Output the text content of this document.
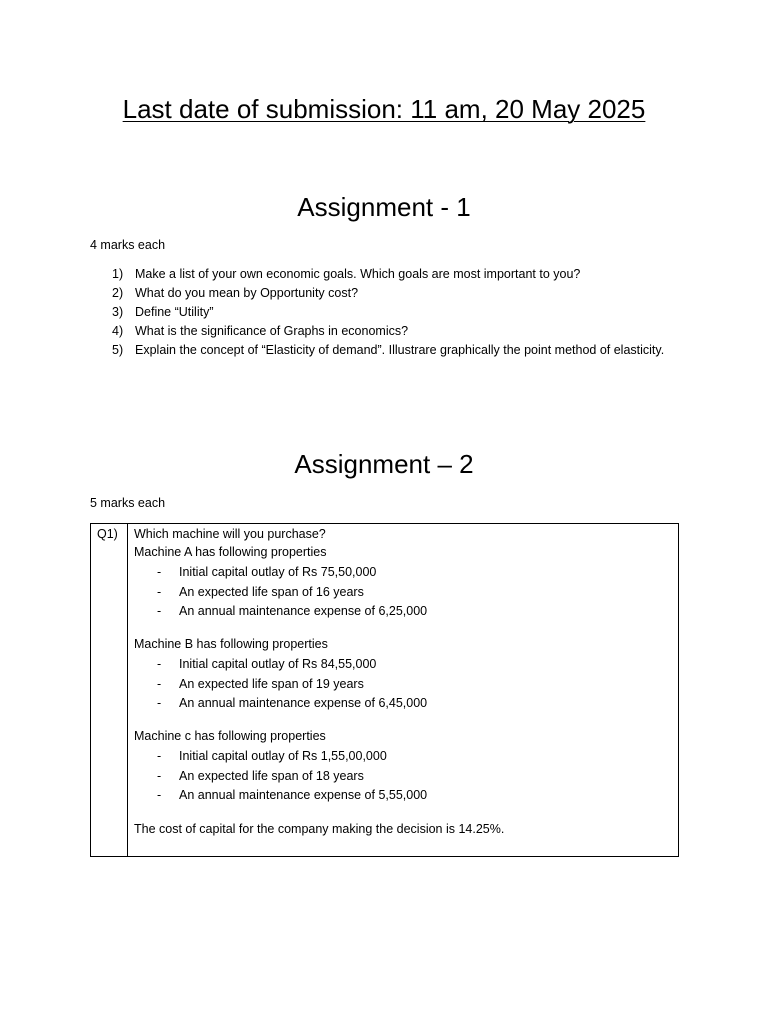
Last date of submission: 11 am, 20 May 2025
Assignment - 1
4 marks each
1) Make a list of your own economic goals. Which goals are most important to you?
2) What do you mean by Opportunity cost?
3) Define “Utility”
4) What is the significance of Graphs in economics?
5) Explain the concept of “Elasticity of demand”. Illustrare graphically the point method of elasticity.
Assignment – 2
5 marks each
Q1) Which machine will you purchase?
Machine A has following properties
- Initial capital outlay of Rs 75,50,000
- An expected life span of 16 years
- An annual maintenance expense of 6,25,000
Machine B has following properties
- Initial capital outlay of Rs 84,55,000
- An expected life span of 19 years
- An annual maintenance expense of 6,45,000
Machine c has following properties
- Initial capital outlay of Rs 1,55,00,000
- An expected life span of 18 years
- An annual maintenance expense of 5,55,000
The cost of capital for the company making the decision is 14.25%.
